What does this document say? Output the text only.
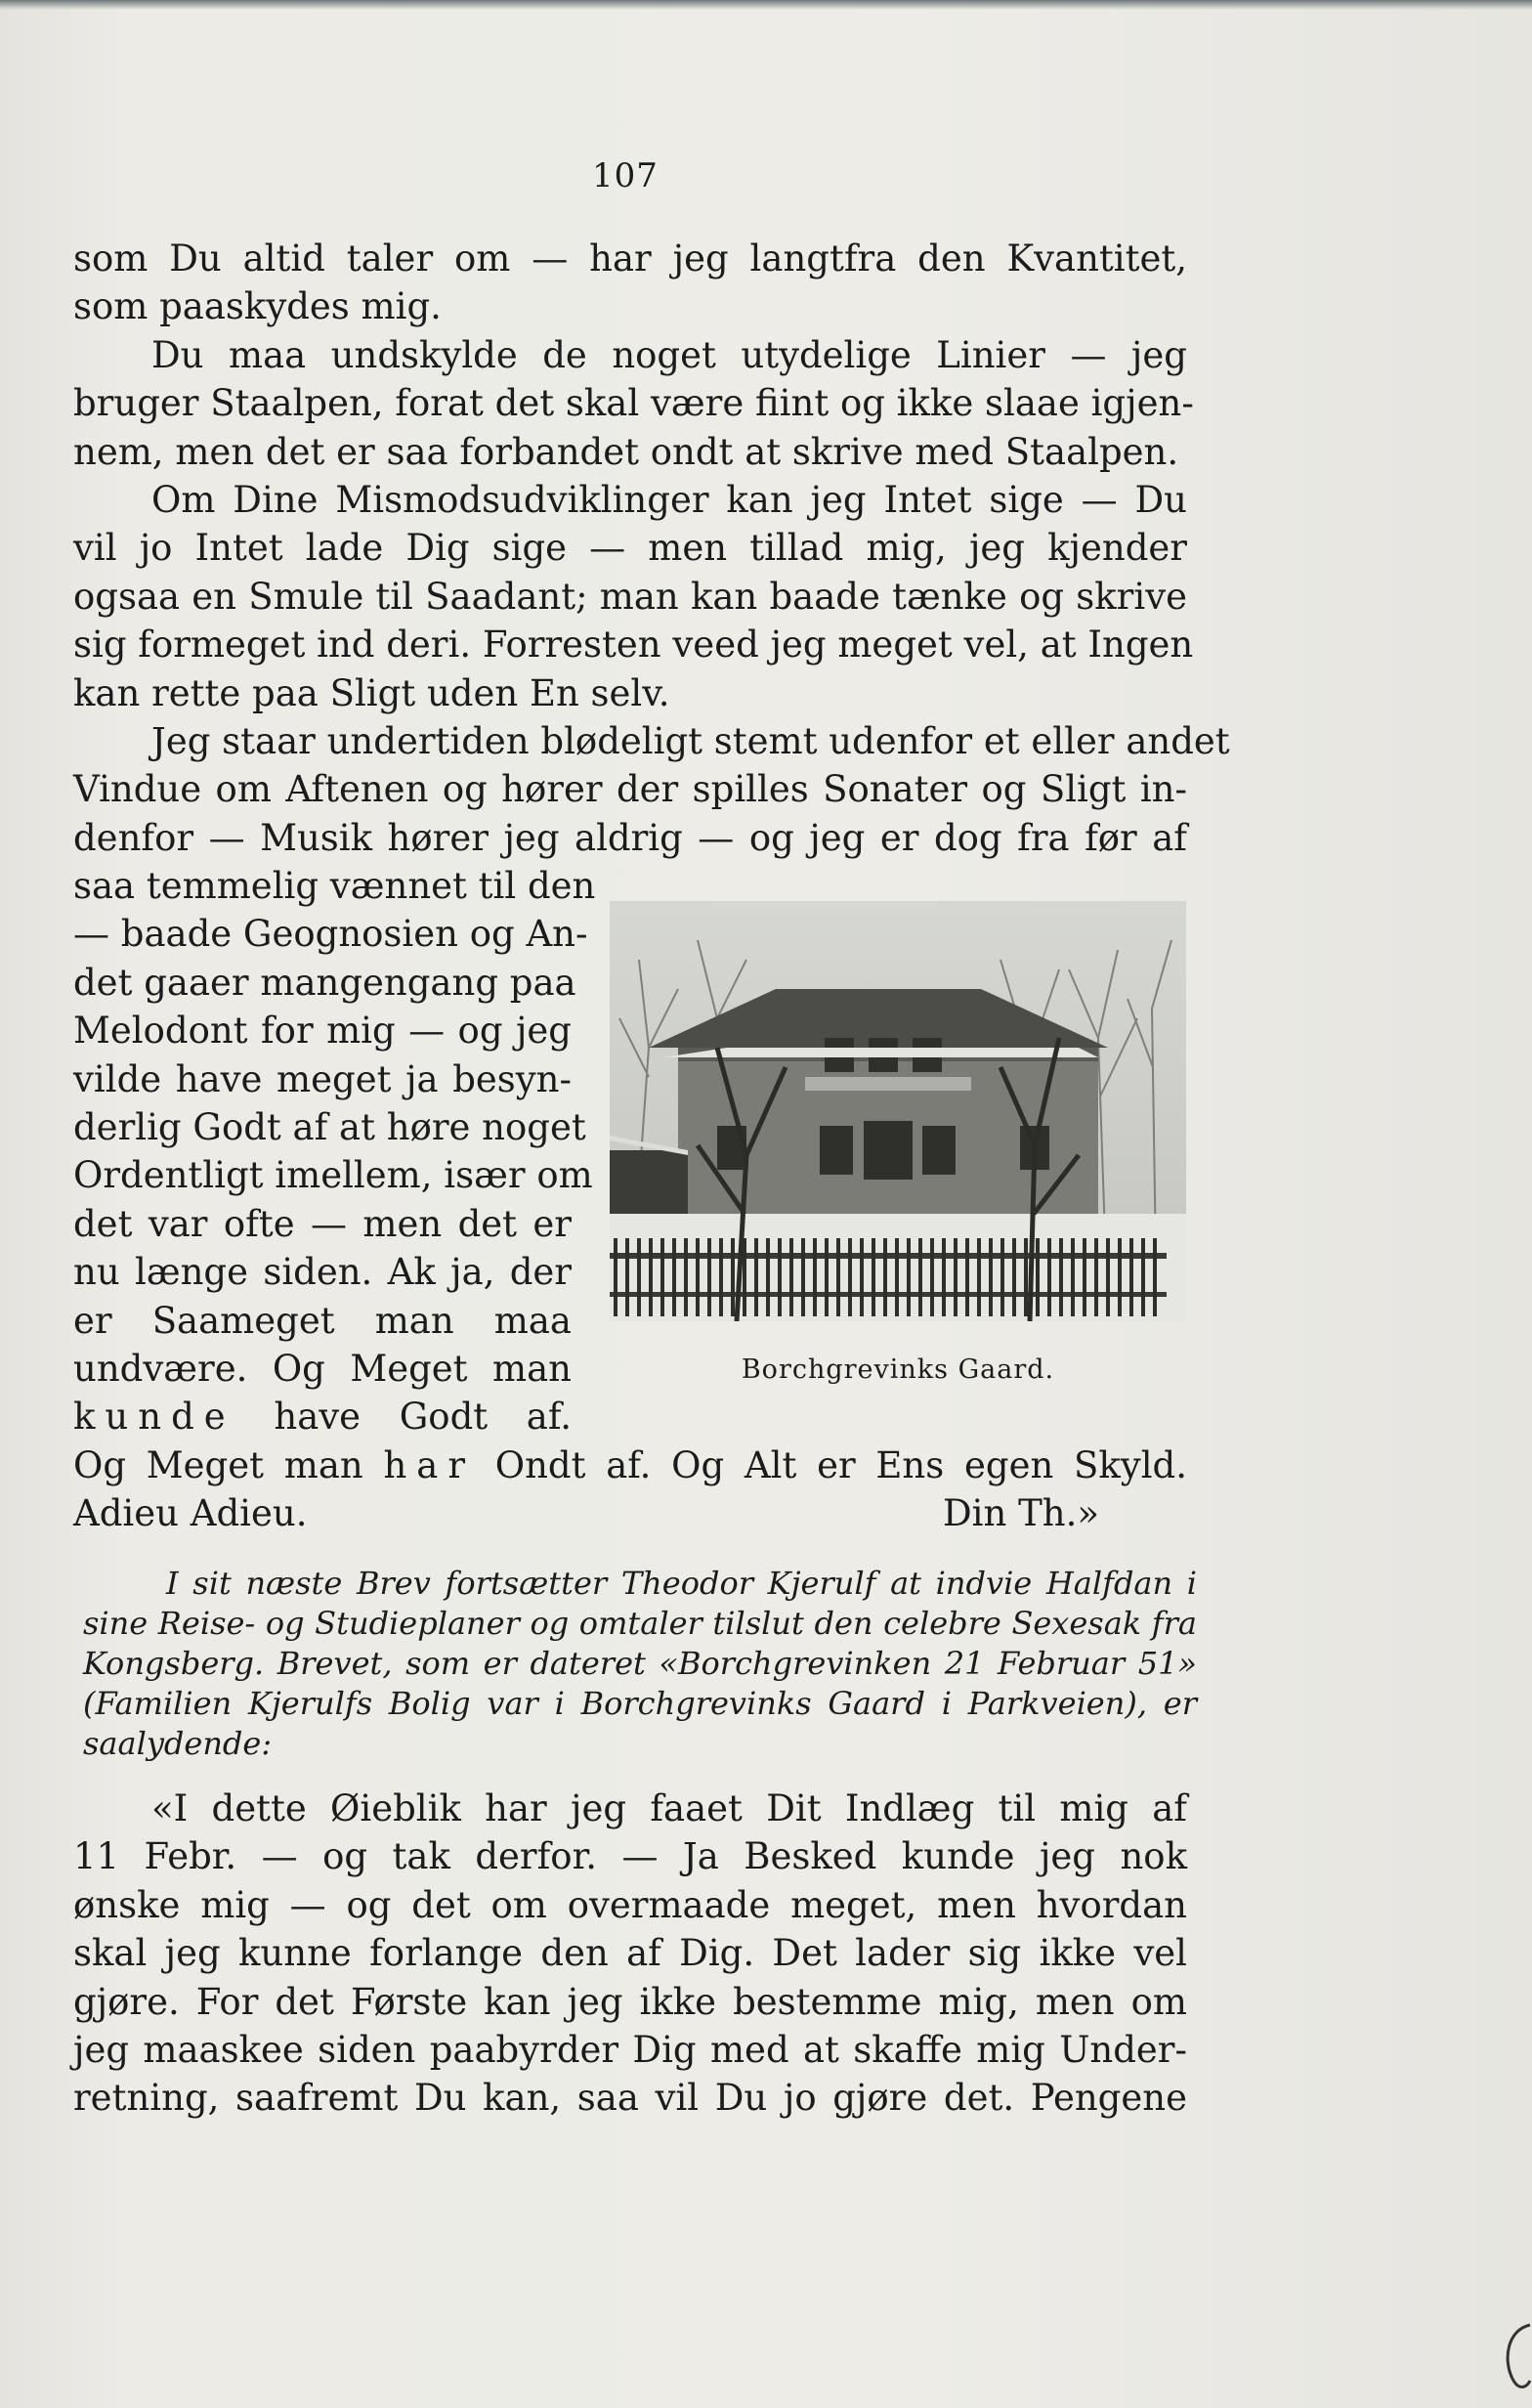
107
som Du altid taler om — har jeg langtfra den Kvantitet,
som paaskydes mig.
Du maa undskylde de noget utydelige Linier — jeg
bruger Staalpen, forat det skal være fiint og ikke slaae igjen-
nem, men det er saa forbandet ondt at skrive med Staalpen.
Om Dine Mismodsudviklinger kan jeg Intet sige — Du
vil jo Intet lade Dig sige — men tillad mig, jeg kjender
ogsaa en Smule til Saadant; man kan baade tænke og skrive
sig formeget ind deri. Forresten veed jeg meget vel, at Ingen
kan rette paa Sligt uden En selv.
Jeg staar undertiden blødeligt stemt udenfor et eller andet
Vindue om Aftenen og hører der spilles Sonater og Sligt in-
denfor — Musik hører jeg aldrig — og jeg er dog fra før af
saa temmelig vænnet til den
— baade Geognosien og An-
det gaaer mangengang paa
Melodont for mig — og jeg
vilde have meget ja besyn-
derlig Godt af at høre noget
Ordentligt imellem, især om
det var ofte — men det er
nu længe siden. Ak ja, der
er Saameget man maa
undvære. Og Meget man
kunde have Godt af.
Og Meget man har Ondt af. Og Alt er Ens egen Skyld.
Adieu Adieu.	Din Th.»
Borchgrevinks Gaard.
I sit næste Brev fortsætter Theodor Kjerulf at indvie Halfdan i
sine Reise- og Studieplaner og omtaler tilslut den celebre Sexesak fra
Kongsberg. Brevet, som er dateret «Borchgrevinken 21 Februar 51»
(Familien Kjerulfs Bolig var i Borchgrevinks Gaard i Parkveien), er
saalydende:
«I dette Øieblik har jeg faaet Dit Indlæg til mig af
11 Febr. — og tak derfor. — Ja Besked kunde jeg nok
ønske mig — og det om overmaade meget, men hvordan
skal jeg kunne forlange den af Dig. Det lader sig ikke vel
gjøre. For det Første kan jeg ikke bestemme mig, men om
jeg maaskee siden paabyrder Dig med at skaffe mig Under-
retning, saafremt Du kan, saa vil Du jo gjøre det. Pengene
